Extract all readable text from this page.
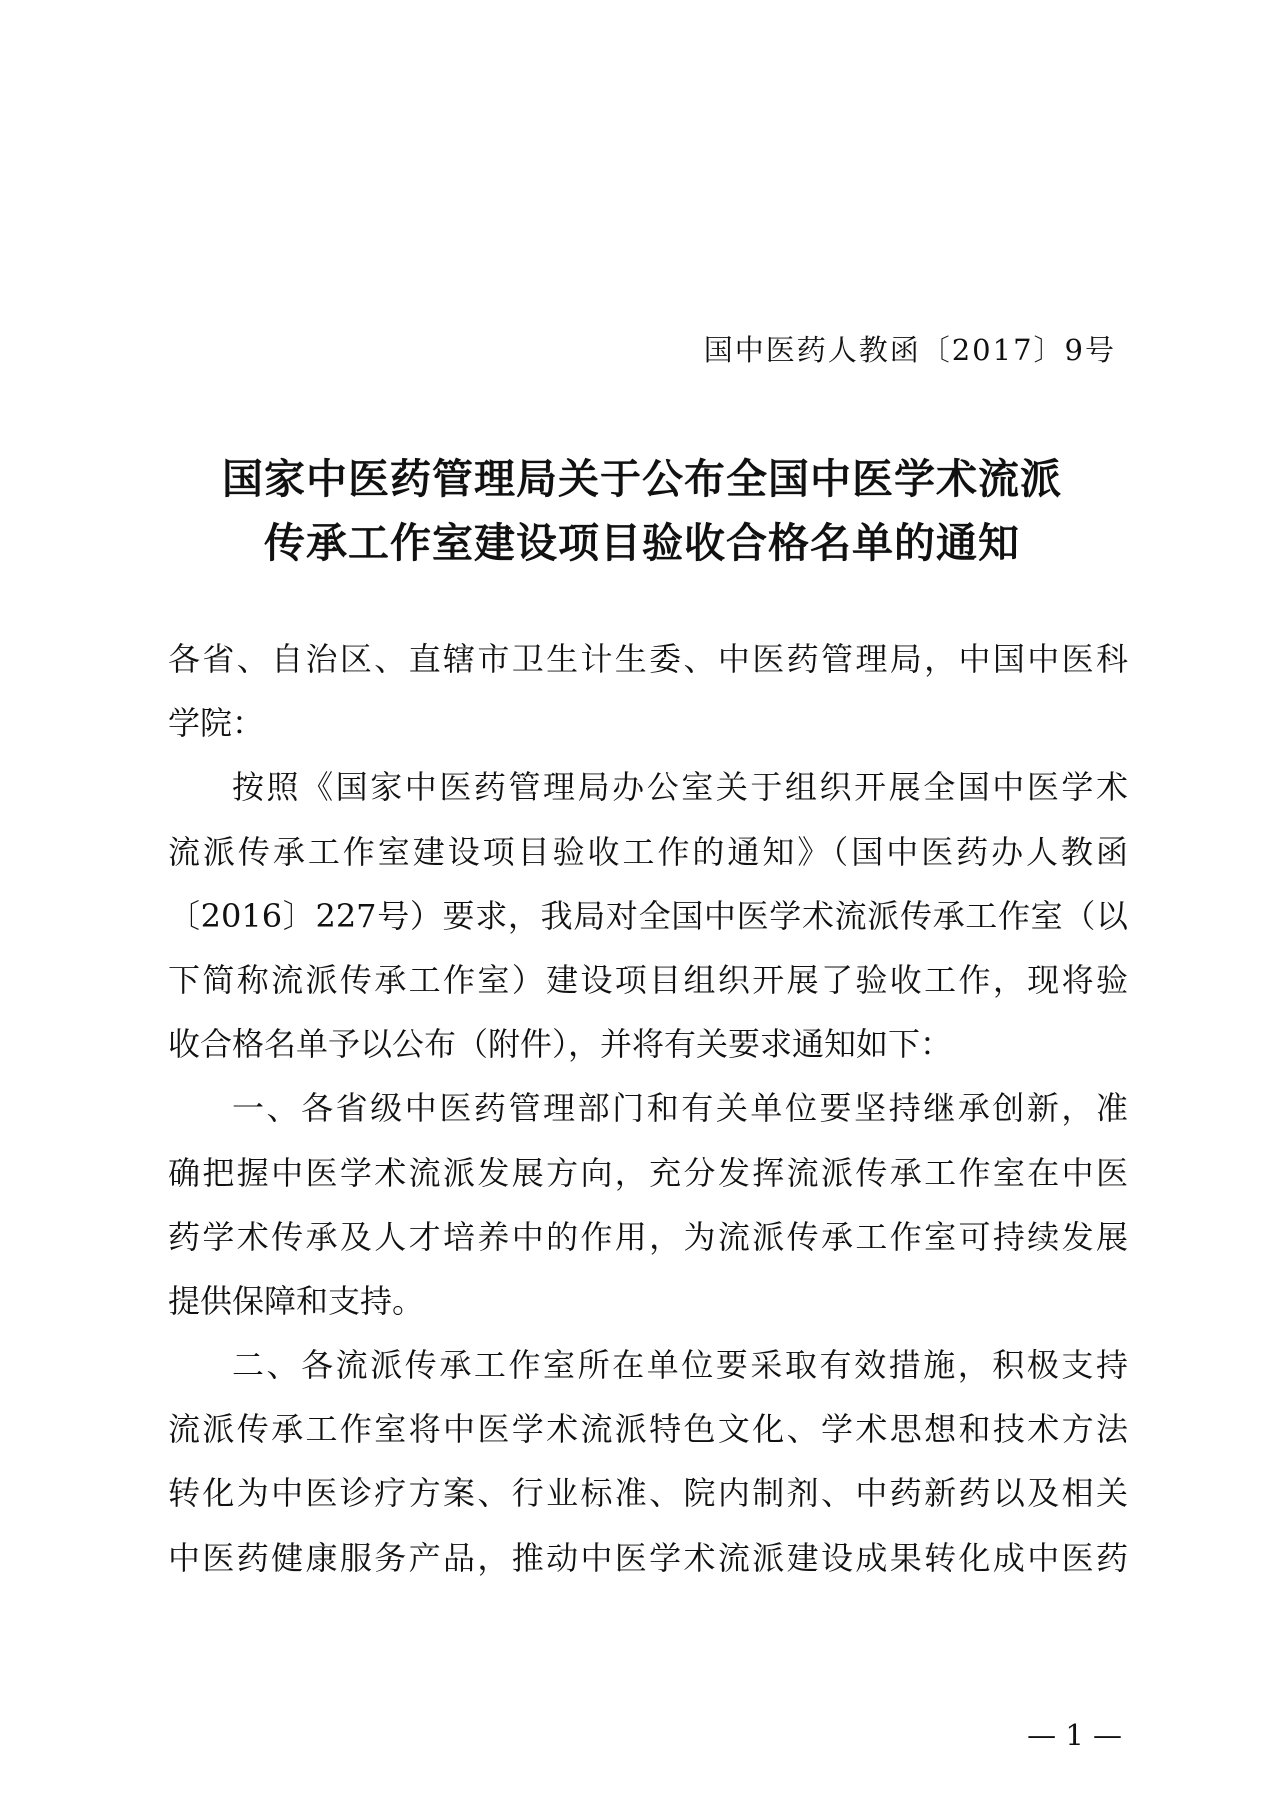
国中医药人教函〔2017〕9号
国家中医药管理局关于公布全国中医学术流派
传承工作室建设项目验收合格名单的通知
各省、自治区、直辖市卫生计生委、中医药管理局，中国中医科
学院：
按照《国家中医药管理局办公室关于组织开展全国中医学术
流派传承工作室建设项目验收工作的通知》（国中医药办人教函
〔2016〕227号）要求，我局对全国中医学术流派传承工作室（以
下简称流派传承工作室）建设项目组织开展了验收工作，现将验
收合格名单予以公布（附件），并将有关要求通知如下：
一、各省级中医药管理部门和有关单位要坚持继承创新，准
确把握中医学术流派发展方向，充分发挥流派传承工作室在中医
药学术传承及人才培养中的作用，为流派传承工作室可持续发展
提供保障和支持。
二、各流派传承工作室所在单位要采取有效措施，积极支持
流派传承工作室将中医学术流派特色文化、学术思想和技术方法
转化为中医诊疗方案、行业标准、院内制剂、中药新药以及相关
中医药健康服务产品，推动中医学术流派建设成果转化成中医药
— 1 —
